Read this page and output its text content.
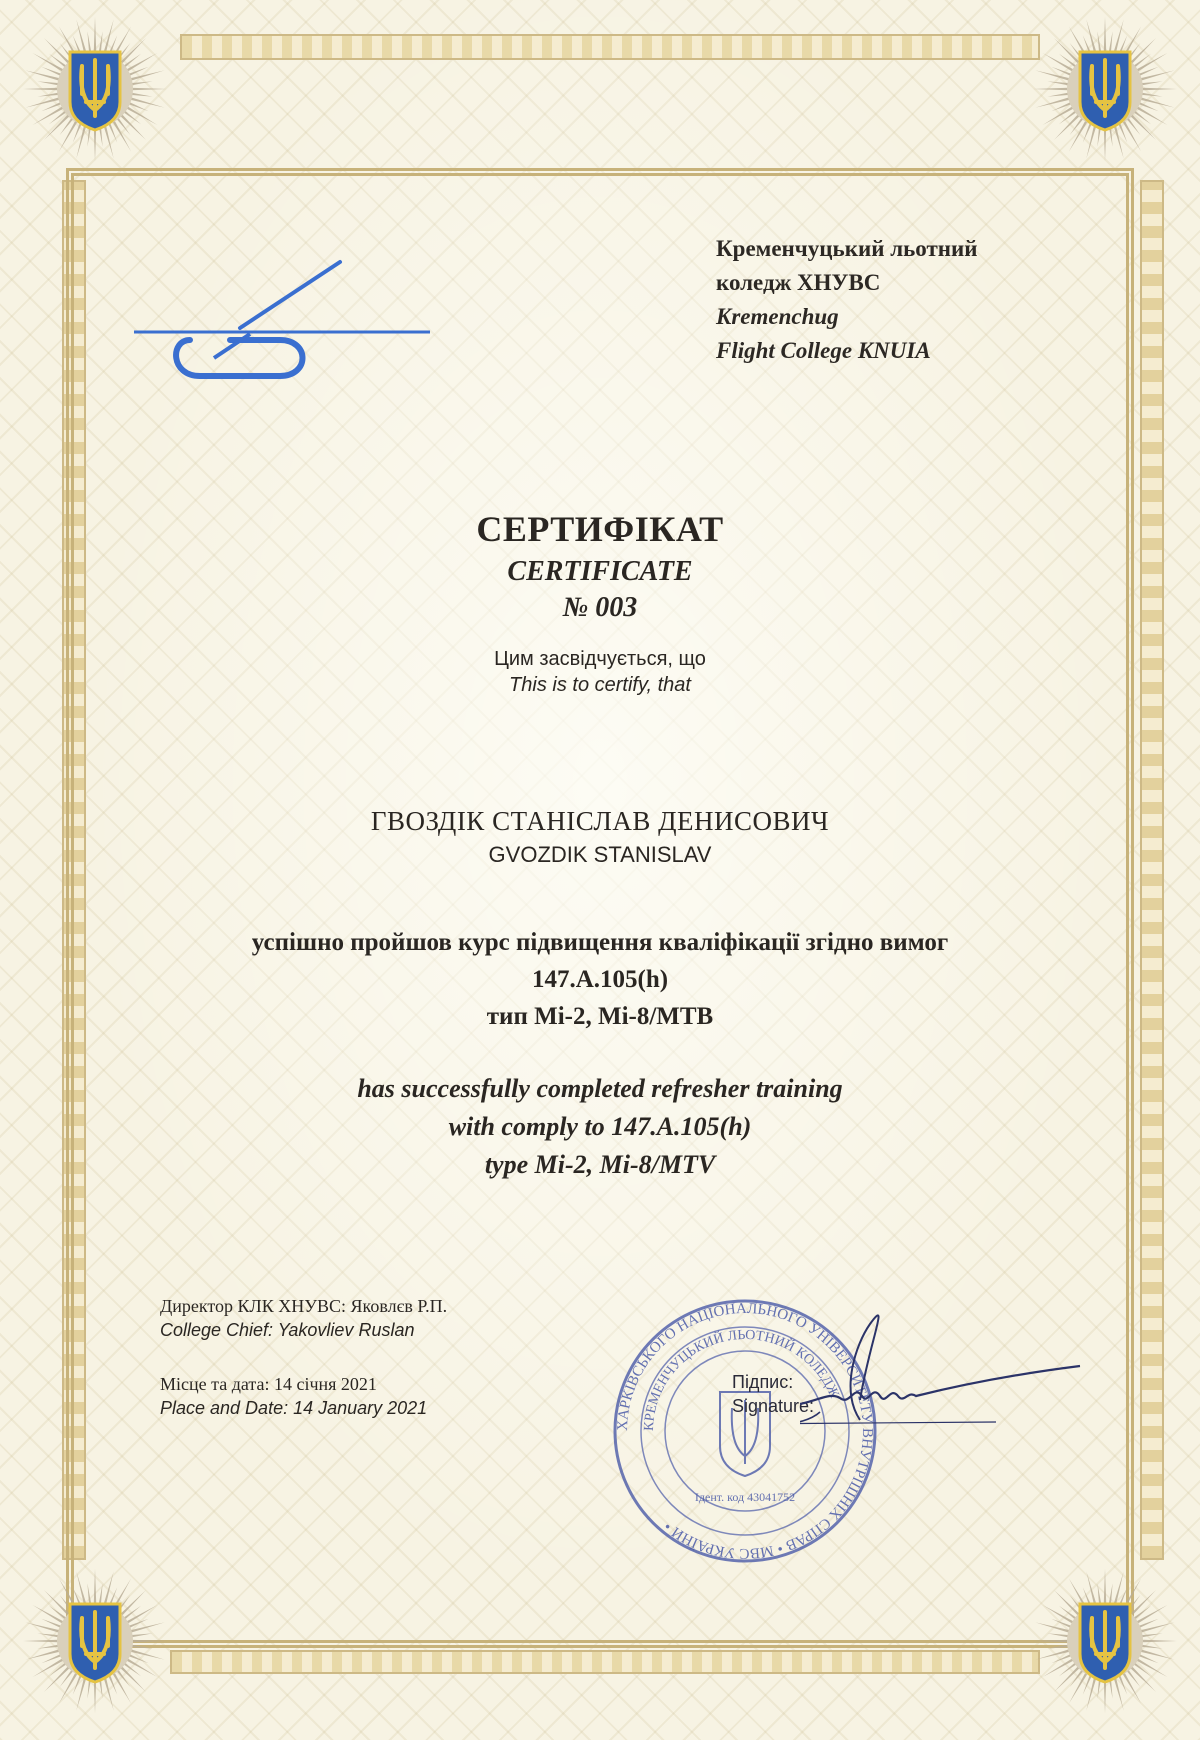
Кременчуцький льотний
коледж ХНУВС
Kremenchug
Flight College KNUIA
СЕРТИФІКАТ
CERTIFICATE
№ 003
Цим засвідчується, що
This is to certify, that
ГВОЗДІК СТАНІСЛАВ ДЕНИСОВИЧ
GVOZDIK STANISLAV
успішно пройшов курс підвищення кваліфікації згідно вимог
147.А.105(h)
тип Мі-2, Мі-8/МТВ
has successfully completed refresher training
with comply to 147.A.105(h)
type Mi-2, Mi-8/MTV
Директор КЛК ХНУВС: Яковлєв Р.П.
College Chief: Yakovliev Ruslan
Місце та дата: 14 січня 2021
Place and Date: 14 January 2021
ХАРКІВСЬКОГО НАЦІОНАЛЬНОГО УНІВЕРСИТЕТУ ВНУТРІШНІХ СПРАВ • МВС УКРАЇНИ •
КРЕМЕНЧУЦЬКИЙ ЛЬОТНИЙ КОЛЕДЖ
Ідент. код 43041752
Підпис:
Signature:
